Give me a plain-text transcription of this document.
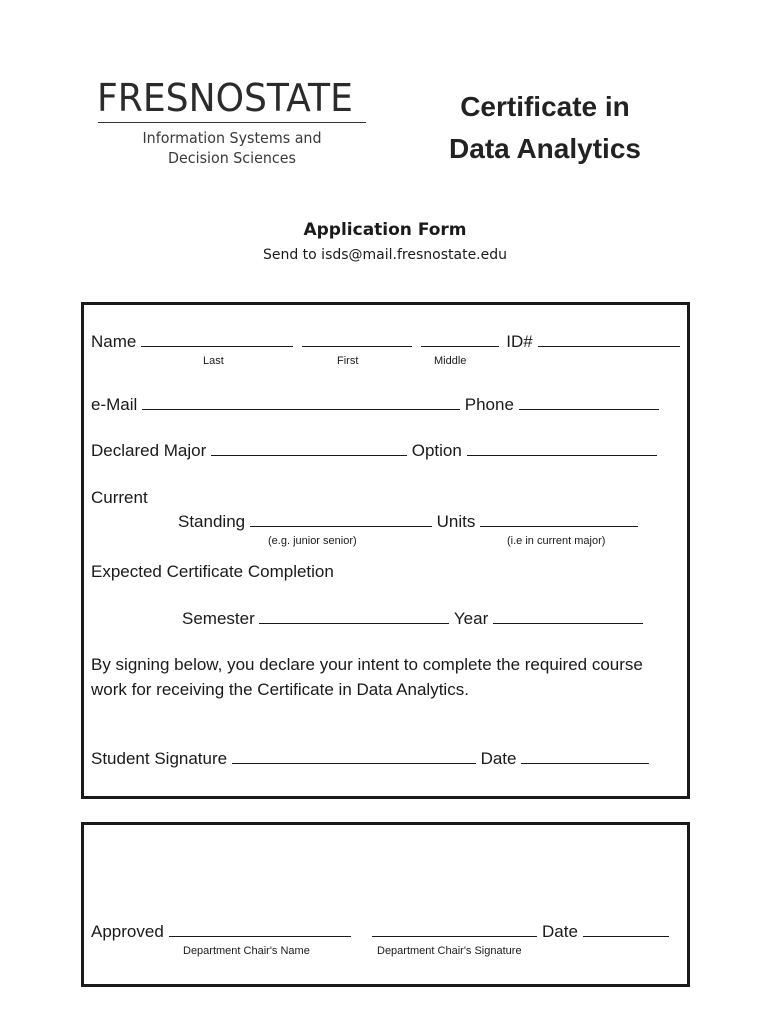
FRESNOSTATE
Information Systems and
Decision Sciences
Certificate in
Data Analytics
Application Form
Send to isds@mail.fresnostate.edu
Name	ID#
Last	First	Middle
e-Mail	Phone
Declared Major	Option
Current
Standing	Units
(e.g. junior senior)	(i.e in current major)
Expected Certificate Completion
Semester	Year
By signing below, you declare your intent to complete the required course
work for receiving the Certificate in Data Analytics.
Student Signature	Date
Approved	Date
Department Chair's Name	Department Chair's Signature
